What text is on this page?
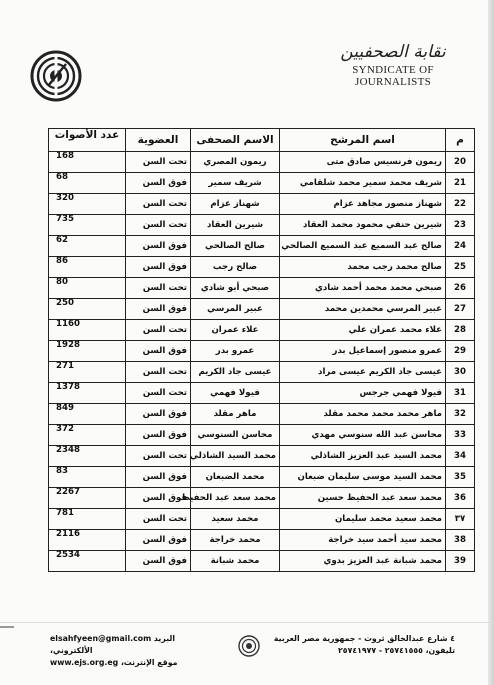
نقابة الصحفيين
SYNDICATE OF JOURNALISTS
م	اسم المرشح	الاسم الصحفى	العضوية	عدد الأصوات
20	ريمون فرنسيس صادق متى	ريمون المصري	تحت السن	168
21	شريف محمد سمير محمد شلقامي	شريف سمير	فوق السن	68
22	شهناز منصور مجاهد عزام	شهناز عزام	تحت السن	320
23	شيرين حنفي محمود محمد العقاد	شيرين العقاد	تحت السن	735
24	صالح عبد السميع عبد السميع الصالحي	صالح الصالحي	فوق السن	62
25	صالح محمد رجب محمد	صالح رجب	فوق السن	86
26	صبحي محمد محمد أحمد شادي	صبحي أبو شادي	تحت السن	80
27	عبير المرسي محمدين محمد	عبير المرسي	فوق السن	250
28	علاء محمد عمران علي	علاء عمران	تحت السن	1160
29	عمرو منصور إسماعيل بدر	عمرو بدر	فوق السن	1928
30	عيسى جاد الكريم عيسى مراد	عيسى جاد الكريم	تحت السن	271
31	فيولا فهمي جرجس	فيولا فهمي	تحت السن	1378
32	ماهر محمد محمد محمد مقلد	ماهر مقلد	فوق السن	849
33	محاسن عبد الله سنوسي مهدي	محاسن السنوسي	فوق السن	372
34	محمد السيد عبد العزيز الشاذلي	محمد السيد الشاذلي	تحت السن	2348
35	محمد السيد موسى سليمان ضبعان	محمد الضبعان	فوق السن	83
36	محمد سعد عبد الحفيظ حسين	محمد سعد عبد الحفيظ	فوق السن	2267
٣٧	محمد سعيد محمد سليمان	محمد سعيد	تحت السن	781
38	محمد سيد أحمد سيد خراجة	محمد خراجة	فوق السن	2116
39	محمد شبانة عبد العزيز بدوي	محمد شبانة	فوق السن	2534
elsahfyeen@gmail.com البريد الألكتروني،
www.ejs.org.eg موقع الإنترنت،
٤ شارع عبدالخالق ثروت - جمهورية مصر العربية
تليفون، ٢٥٧٤١٥٥٥ - ٢٥٧٤١٩٧٧
